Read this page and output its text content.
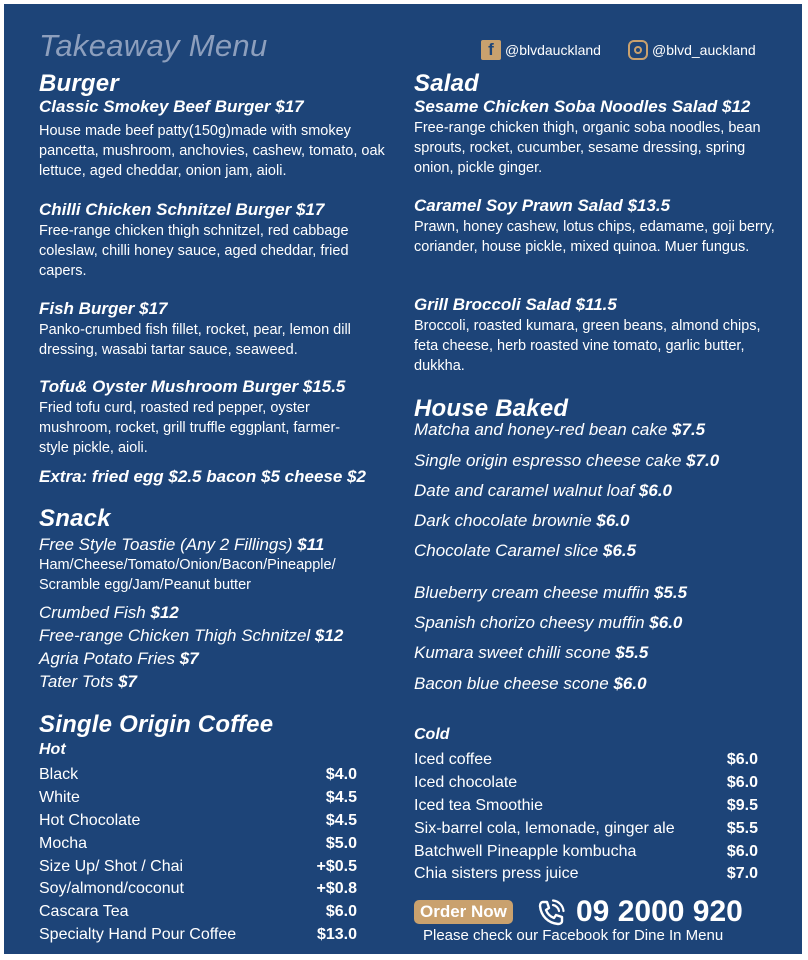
Takeaway Menu	f @blvdauckland	@blvd_auckland
Burger
Classic Smokey Beef Burger $17
House made beef patty(150g)made with smokey pancetta, mushroom, anchovies, cashew, tomato, oak lettuce, aged cheddar, onion jam, aioli.
Chilli Chicken Schnitzel Burger $17
Free-range chicken thigh schnitzel, red cabbage coleslaw, chilli honey sauce, aged cheddar, fried capers.
Fish Burger $17
Panko-crumbed fish fillet, rocket, pear, lemon dill dressing, wasabi tartar sauce, seaweed.
Tofu& Oyster Mushroom Burger $15.5
Fried tofu curd, roasted red pepper, oyster mushroom, rocket, grill truffle eggplant, farmer-style pickle, aioli.
Extra: fried egg $2.5 bacon $5 cheese $2
Snack
Free Style Toastie (Any 2 Fillings) $11
Ham/Cheese/Tomato/Onion/Bacon/Pineapple/ Scramble egg/Jam/Peanut butter
Crumbed Fish $12
Free-range Chicken Thigh Schnitzel $12
Agria Potato Fries $7
Tater Tots $7
Single Origin Coffee
Hot
Black	$4.0
White	$4.5
Hot Chocolate	$4.5
Mocha	$5.0
Size Up/ Shot / Chai	+$0.5
Soy/almond/coconut	+$0.8
Cascara Tea	$6.0
Specialty Hand Pour Coffee	$13.0
Salad
Sesame Chicken Soba Noodles Salad $12
Free-range chicken thigh, organic soba noodles, bean sprouts, rocket, cucumber, sesame dressing, spring onion, pickle ginger.
Caramel Soy Prawn Salad $13.5
Prawn, honey cashew, lotus chips, edamame, goji berry, coriander, house pickle, mixed quinoa. Muer fungus.
Grill Broccoli Salad $11.5
Broccoli, roasted kumara, green beans, almond chips, feta cheese, herb roasted vine tomato, garlic butter, dukkha.
House Baked
Matcha and honey-red bean cake $7.5
Single origin espresso cheese cake $7.0
Date and caramel walnut loaf $6.0
Dark chocolate brownie $6.0
Chocolate Caramel slice $6.5
Blueberry cream cheese muffin $5.5
Spanish chorizo cheesy muffin $6.0
Kumara sweet chilli scone $5.5
Bacon blue cheese scone $6.0
Cold
Iced coffee	$6.0
Iced chocolate	$6.0
Iced tea Smoothie	$9.5
Six-barrel cola, lemonade, ginger ale	$5.5
Batchwell Pineapple kombucha	$6.0
Chia sisters press juice	$7.0
Order Now 09 2000 920
Please check our Facebook for Dine In Menu
